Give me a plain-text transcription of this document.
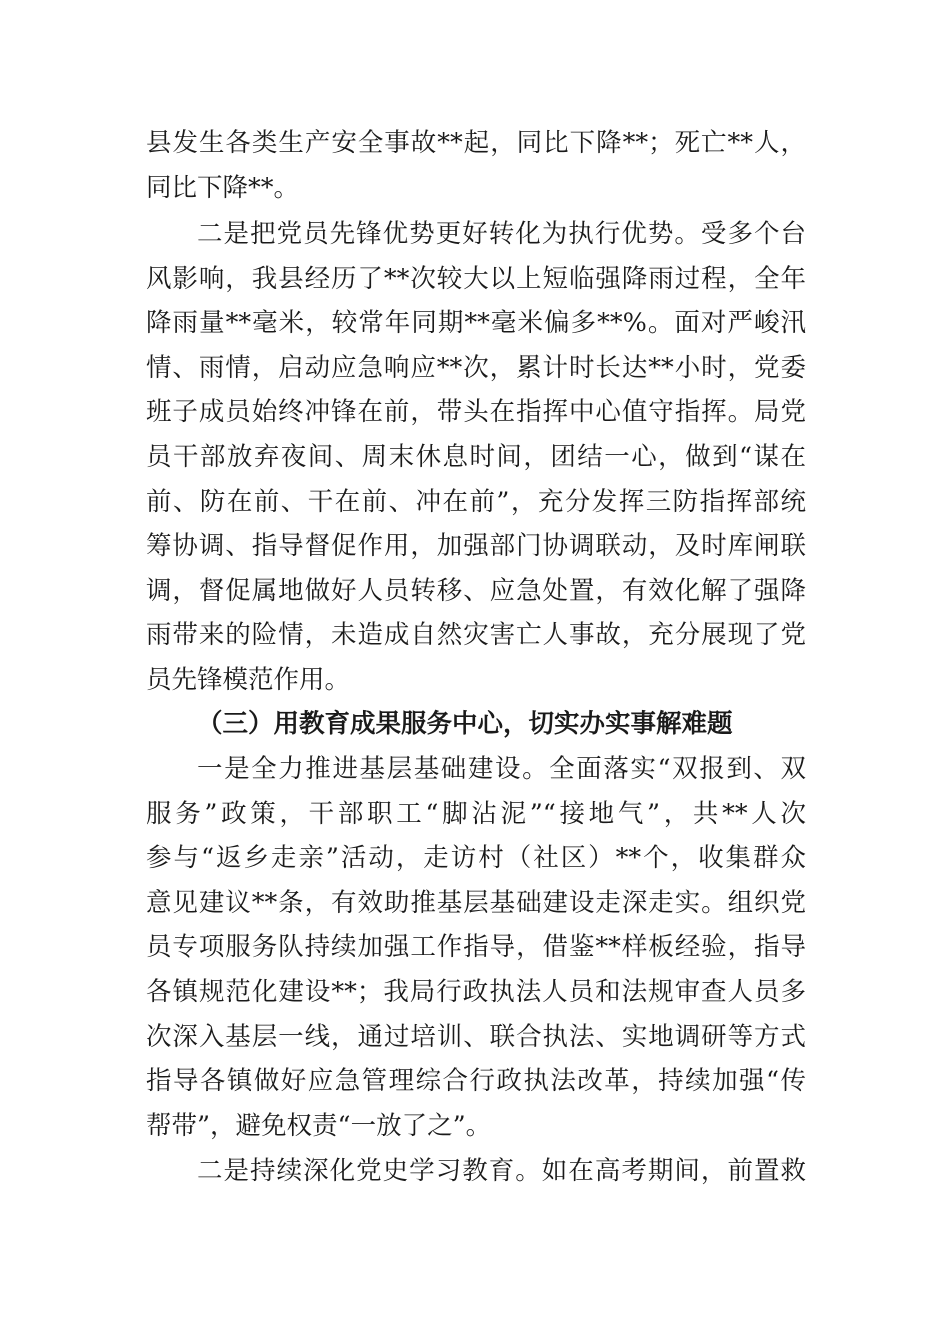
县发生各类生产安全事故**起，同比下降**；死亡**人，
同比下降**。
二是把党员先锋优势更好转化为执行优势。受多个台
风影响，我县经历了**次较大以上短临强降雨过程，全年
降雨量**毫米，较常年同期**毫米偏多**%。面对严峻汛
情、雨情，启动应急响应**次，累计时长达**小时，党委
班子成员始终冲锋在前，带头在指挥中心值守指挥。局党
员干部放弃夜间、周末休息时间，团结一心，做到“谋在
前、防在前、干在前、冲在前”，充分发挥三防指挥部统
筹协调、指导督促作用，加强部门协调联动，及时库闸联
调，督促属地做好人员转移、应急处置，有效化解了强降
雨带来的险情，未造成自然灾害亡人事故，充分展现了党
员先锋模范作用。
（三）用教育成果服务中心，切实办实事解难题
一是全力推进基层基础建设。全面落实“双报到、双
服务”政策，干部职工“脚沾泥”“接地气”，共**人次
参与“返乡走亲”活动，走访村（社区）**个，收集群众
意见建议**条，有效助推基层基础建设走深走实。组织党
员专项服务队持续加强工作指导，借鉴**样板经验，指导
各镇规范化建设**；我局行政执法人员和法规审查人员多
次深入基层一线，通过培训、联合执法、实地调研等方式
指导各镇做好应急管理综合行政执法改革，持续加强“传
帮带”，避免权责“一放了之”。
二是持续深化党史学习教育。如在高考期间，前置救
